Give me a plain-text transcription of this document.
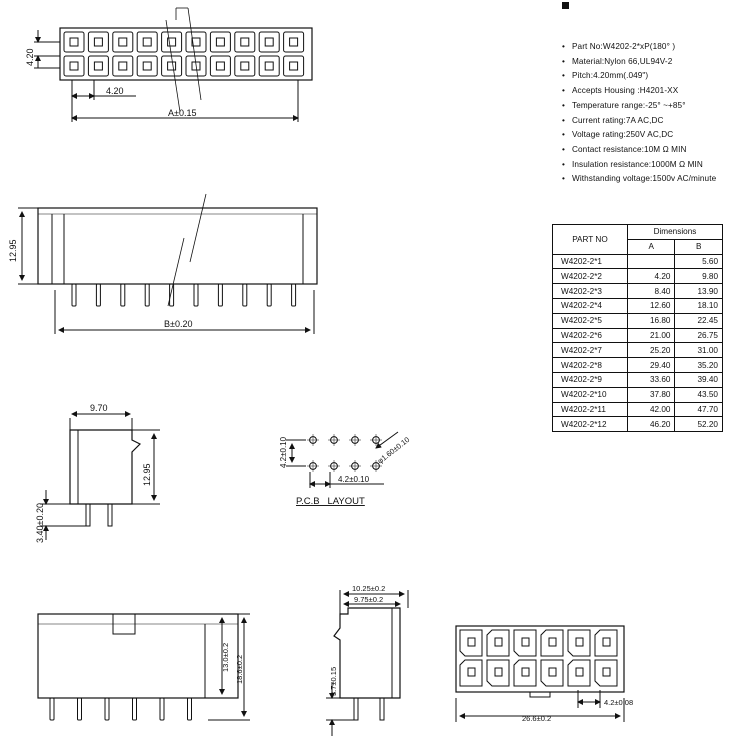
4.20
4.20
A±0.15
12.95
B±0.20
9.70
12.95
3.40±0.20
4.2±0.10	φ1.60±0.10
4.2±0.10
P.C.B   LAYOUT
13.0±0.2 18.6±0.2
10.25±0.2
9.75±0.2
3.7±0.15
4.2±0.08
26.6±0.2
• Part No:W4202-2*xP(180° )
• Material:Nylon 66,UL94V-2
• Pitch:4.20mm(.049")
• Accepts Housing :H4201-XX
• Temperature range:-25° ~+85°
• Current rating:7A AC,DC
• Voltage rating:250V AC,DC
• Contact resistance:10M Ω MIN
• Insulation resistance:1000M Ω MIN
• Withstanding voltage:1500v AC/minute
PART NO	Dimensions	
	A	B
W4202-2*1		5.60
W4202-2*2	4.20	9.80
W4202-2*3	8.40	13.90
W4202-2*4	12.60	18.10
W4202-2*5	16.80	22.45
W4202-2*6	21.00	26.75
W4202-2*7	25.20	31.00
W4202-2*8	29.40	35.20
W4202-2*9	33.60	39.40
W4202-2*10	37.80	43.50
W4202-2*11	42.00	47.70
W4202-2*12	46.20	52.20
